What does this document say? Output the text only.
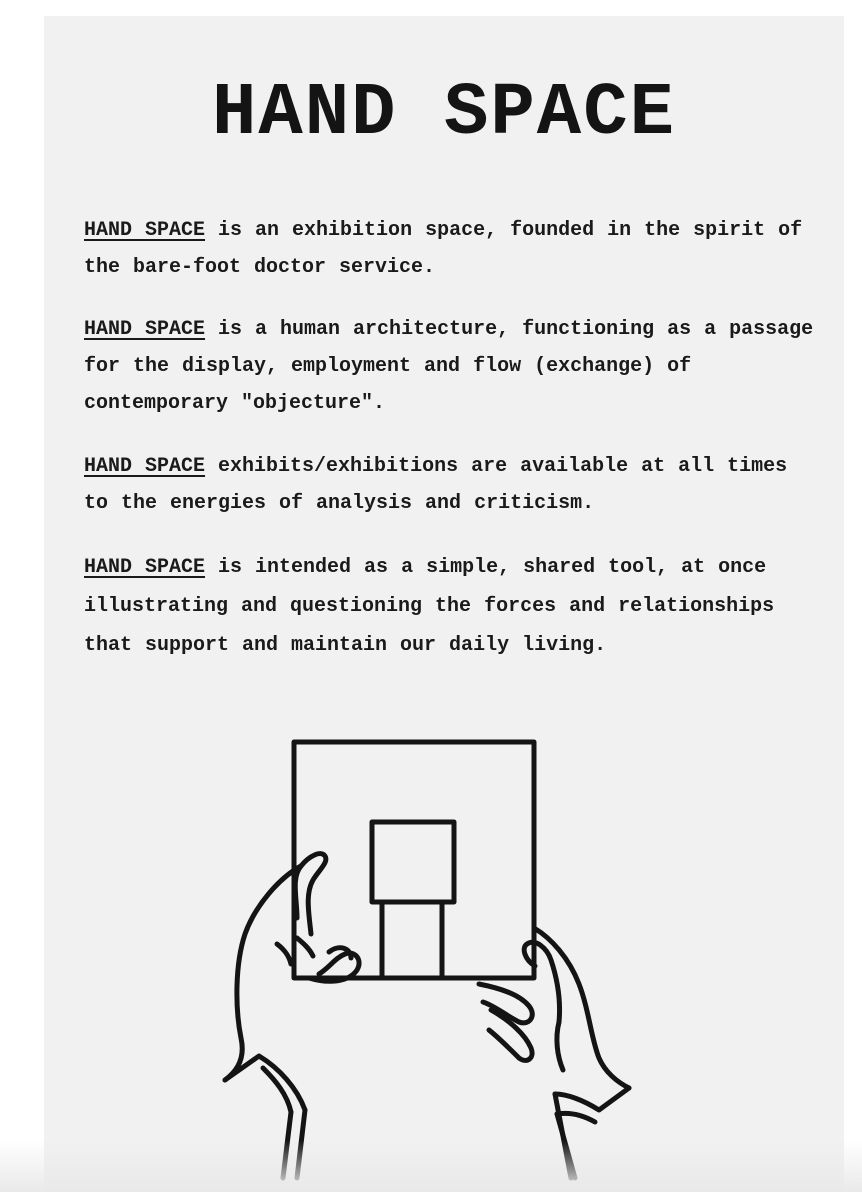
HAND SPACE

HAND SPACE is an exhibition space, founded in the spirit of the bare-foot doctor service.

HAND SPACE is a human architecture, functioning as a passage for the display, employment and flow (exchange) of contemporary "objecture".

HAND SPACE exhibits/exhibitions are available at all times to the energies of analysis and criticism.

HAND SPACE is intended as a simple, shared tool, at once illustrating and questioning the forces and relationships that support and maintain our daily living.
